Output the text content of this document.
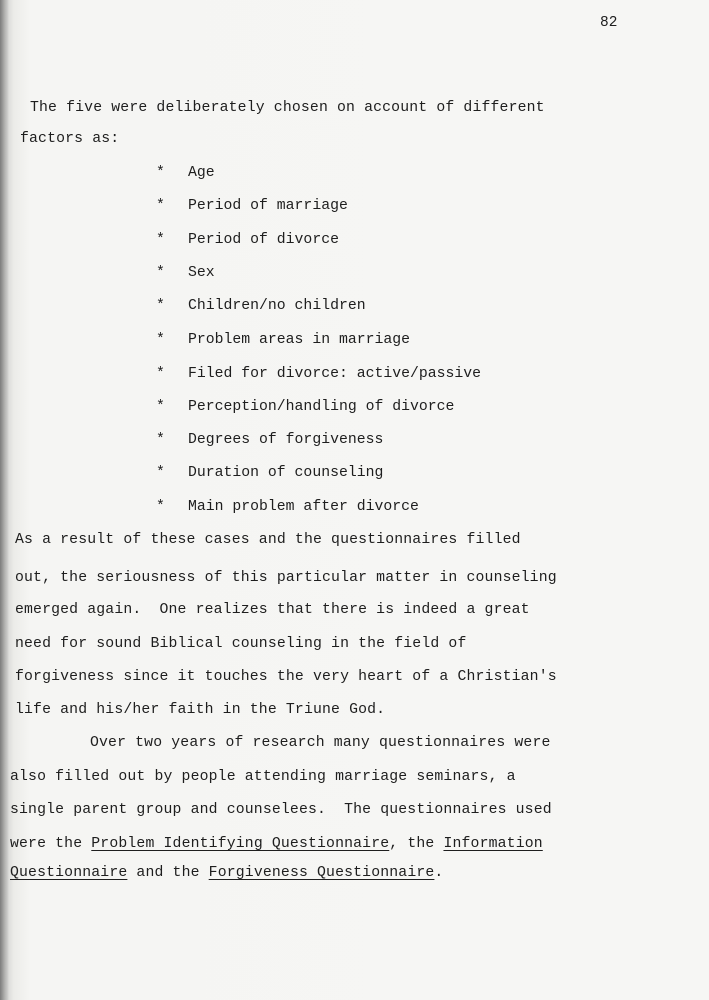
82
The five were deliberately chosen on account of different
factors as:
* Age
* Period of marriage
* Period of divorce
* Sex
* Children/no children
* Problem areas in marriage
* Filed for divorce: active/passive
* Perception/handling of divorce
* Degrees of forgiveness
* Duration of counseling
* Main problem after divorce
As a result of these cases and the questionnaires filled
out, the seriousness of this particular matter in counseling
emerged again.  One realizes that there is indeed a great
need for sound Biblical counseling in the field of
forgiveness since it touches the very heart of a Christian's
life and his/her faith in the Triune God.
Over two years of research many questionnaires were
also filled out by people attending marriage seminars, a
single parent group and counselees.  The questionnaires used
were the Problem Identifying Questionnaire, the Information
Questionnaire and the Forgiveness Questionnaire.
